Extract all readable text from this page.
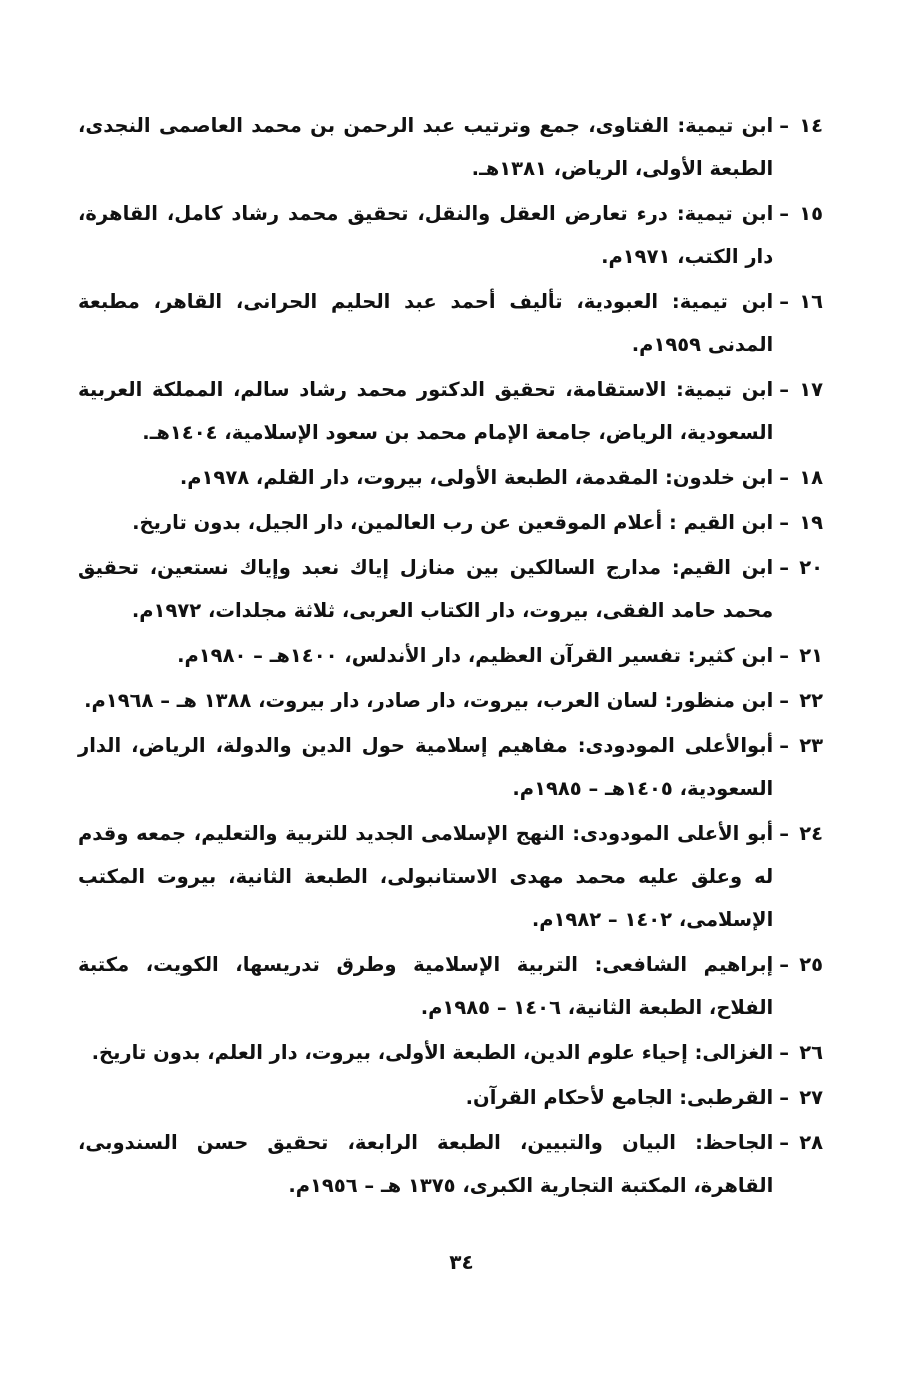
١٤
–
ابن تيمية: الفتاوى، جمع وترتيب عبد الرحمن بن محمد العاصمى النجدى، الطبعة الأولى، الرياض، ١٣٨١هـ.
١٥
–
ابن تيمية: درء تعارض العقل والنقل، تحقيق محمد رشاد كامل، القاهرة، دار الكتب، ١٩٧١م.
١٦
–
ابن تيمية: العبودية، تأليف أحمد عبد الحليم الحرانى، القاهر، مطبعة المدنى ١٩٥٩م.
١٧
–
ابن تيمية: الاستقامة، تحقيق الدكتور محمد رشاد سالم، المملكة العربية السعودية، الرياض، جامعة الإمام محمد بن سعود الإسلامية، ١٤٠٤هـ.
١٨
–
ابن خلدون: المقدمة، الطبعة الأولى، بيروت، دار القلم، ١٩٧٨م.
١٩
–
ابن القيم : أعلام الموقعين عن رب العالمين، دار الجيل، بدون تاريخ.
٢٠
–
ابن القيم: مدارج السالكين بين منازل إياك نعبد وإياك نستعين، تحقيق محمد حامد الفقى، بيروت، دار الكتاب العربى، ثلاثة مجلدات، ١٩٧٢م.
٢١
–
ابن كثير: تفسير القرآن العظيم، دار الأندلس، ١٤٠٠هـ – ١٩٨٠م.
٢٢
–
ابن منظور: لسان العرب، بيروت، دار صادر، دار بيروت، ١٣٨٨ هـ – ١٩٦٨م.
٢٣
–
أبوالأعلى المودودى: مفاهيم إسلامية حول الدين والدولة، الرياض، الدار السعودية، ١٤٠٥هـ – ١٩٨٥م.
٢٤
–
أبو الأعلى المودودى: النهج الإسلامى الجديد للتربية والتعليم، جمعه وقدم له وعلق عليه محمد مهدى الاستانبولى، الطبعة الثانية، بيروت المكتب الإسلامى، ١٤٠٢ – ١٩٨٢م.
٢٥
–
إبراهيم الشافعى: التربية الإسلامية وطرق تدريسها، الكويت، مكتبة الفلاح، الطبعة الثانية، ١٤٠٦ – ١٩٨٥م.
٢٦
–
الغزالى: إحياء علوم الدين، الطبعة الأولى، بيروت، دار العلم، بدون تاريخ.
٢٧
–
القرطبى: الجامع لأحكام القرآن.
٢٨
–
الجاحظ: البيان والتبيين، الطبعة الرابعة، تحقيق حسن السندوبى، القاهرة، المكتبة التجارية الكبرى، ١٣٧٥ هـ – ١٩٥٦م.
٣٤
